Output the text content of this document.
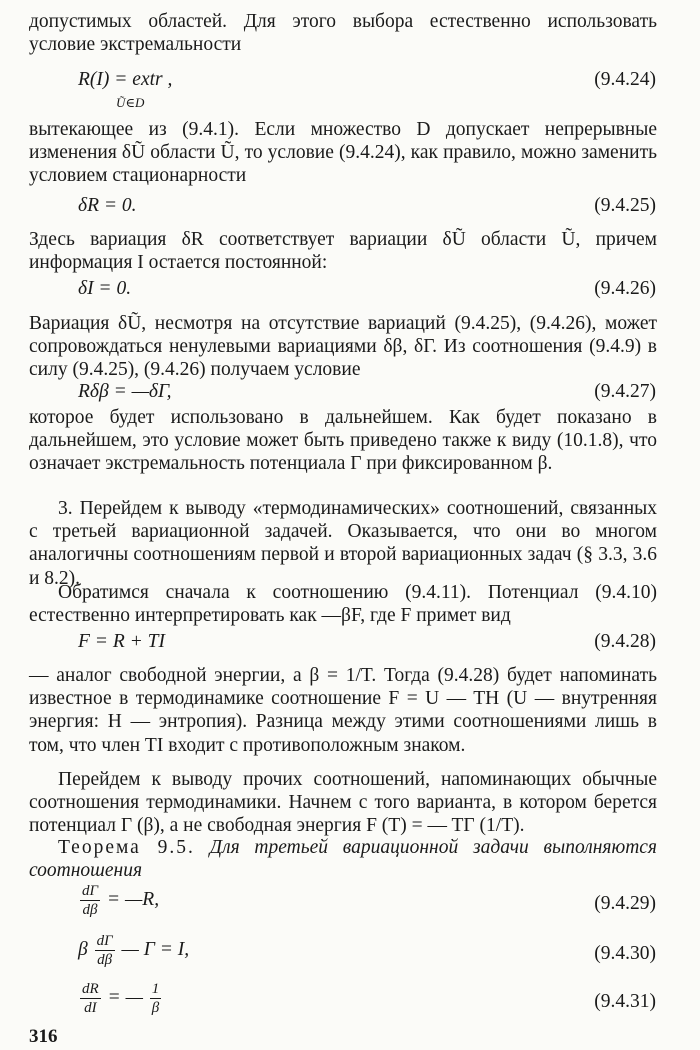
допустимых областей. Для этого выбора естественно использовать условие экстремальности

R(I) = extr ,
Ũ∈D
(9.4.24)

вытекающее из (9.4.1). Если множество D допускает непрерывные изменения δŨ области Ũ, то условие (9.4.24), как правило, можно заменить условием стационарности

δR = 0.	(9.4.25)

Здесь вариация δR соответствует вариации δŨ области Ũ, причем информация I остается постоянной:

δI = 0.	(9.4.26)

Вариация δŨ, несмотря на отсутствие вариаций (9.4.25), (9.4.26), может сопровождаться ненулевыми вариациями δβ, δΓ. Из соотношения (9.4.9) в силу (9.4.25), (9.4.26) получаем условие

Rδβ = —δΓ,	(9.4.27)

которое будет использовано в дальнейшем. Как будет показано в дальнейшем, это условие может быть приведено также к виду (10.1.8), что означает экстремальность потенциала Γ при фиксированном β.

3. Перейдем к выводу «термодинамических» соотношений, связанных с третьей вариационной задачей. Оказывается, что они во многом аналогичны соотношениям первой и второй вариационных задач (§ 3.3, 3.6 и 8.2).

Обратимся сначала к соотношению (9.4.11). Потенциал (9.4.10) естественно интерпретировать как —βF, где F примет вид

F = R + TI	(9.4.28)

— аналог свободной энергии, а β = 1/T. Тогда (9.4.28) будет напоминать известное в термодинамике соотношение F = U — TH (U — внутренняя энергия: H — энтропия). Разница между этими соотношениями лишь в том, что член TI входит с противоположным знаком.

Перейдем к выводу прочих соотношений, напоминающих обычные соотношения термодинамики. Начнем с того варианта, в котором берется потенциал Γ (β), а не свободная энергия F (T) = — TΓ (1/T).

Теорема 9.5. Для третьей вариационной задачи выполняются соотношения

$\frac{d\Gamma}{d\beta}$ = —R,	(9.4.29)
β $\frac{d\Gamma}{d\beta}$ — Γ = I,	(9.4.30)
$\frac{dR}{dI}$ = — $\frac{1}{\beta}$	(9.4.31)
316
